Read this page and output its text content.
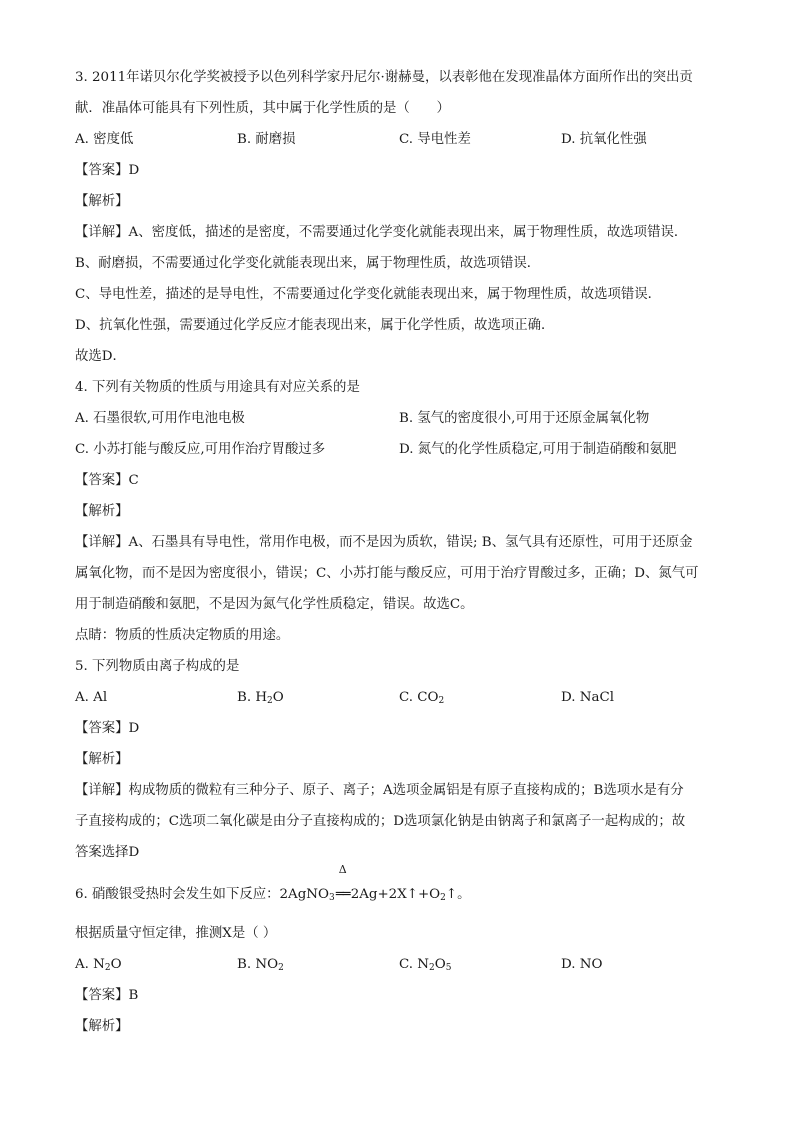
3. 2011年诺贝尔化学奖被授予以色列科学家丹尼尔·谢赫曼，以表彰他在发现准晶体方面所作出的突出贡
献．准晶体可能具有下列性质，其中属于化学性质的是（　　）
A. 密度低	B. 耐磨损	C. 导电性差	D. 抗氧化性强
【答案】D
【解析】
【详解】A、密度低，描述的是密度，不需要通过化学变化就能表现出来，属于物理性质，故选项错误．
B、耐磨损，不需要通过化学变化就能表现出来，属于物理性质，故选项错误．
C、导电性差，描述的是导电性，不需要通过化学变化就能表现出来，属于物理性质，故选项错误．
D、抗氧化性强，需要通过化学反应才能表现出来，属于化学性质，故选项正确．
故选D．
4. 下列有关物质的性质与用途具有对应关系的是
A. 石墨很软,可用作电池电极	B. 氢气的密度很小,可用于还原金属氧化物
C. 小苏打能与酸反应,可用作治疗胃酸过多	D. 氮气的化学性质稳定,可用于制造硝酸和氨肥
【答案】C
【解析】
【详解】A、石墨具有导电性，常用作电极，而不是因为质软，错误; B、氢气具有还原性，可用于还原金
属氧化物，而不是因为密度很小，错误；C、小苏打能与酸反应，可用于治疗胃酸过多，正确；D、氮气可
用于制造硝酸和氨肥，不是因为氮气化学性质稳定，错误。故选C。
点睛：物质的性质决定物质的用途。
5. 下列物质由离子构成的是
A. Al	B. $H_2O$	C. $CO_2$	D. NaCl
【答案】D
【解析】
【详解】构成物质的微粒有三种分子、原子、离子；A选项金属铝是有原子直接构成的；B选项水是有分
子直接构成的；C选项二氧化碳是由分子直接构成的；D选项氯化钠是由钠离子和氯离子一起构成的；故
答案选择D
6. 硝酸银受热时会发生如下反应：2AgNO$_3$
Δ
$══2Ag+2X↑+O_2↑$。
根据质量守恒定律，推测X是（ ）
A. $N_2O$	B. $NO_2$	C. $N_2O_5$	D. NO
【答案】B
【解析】
